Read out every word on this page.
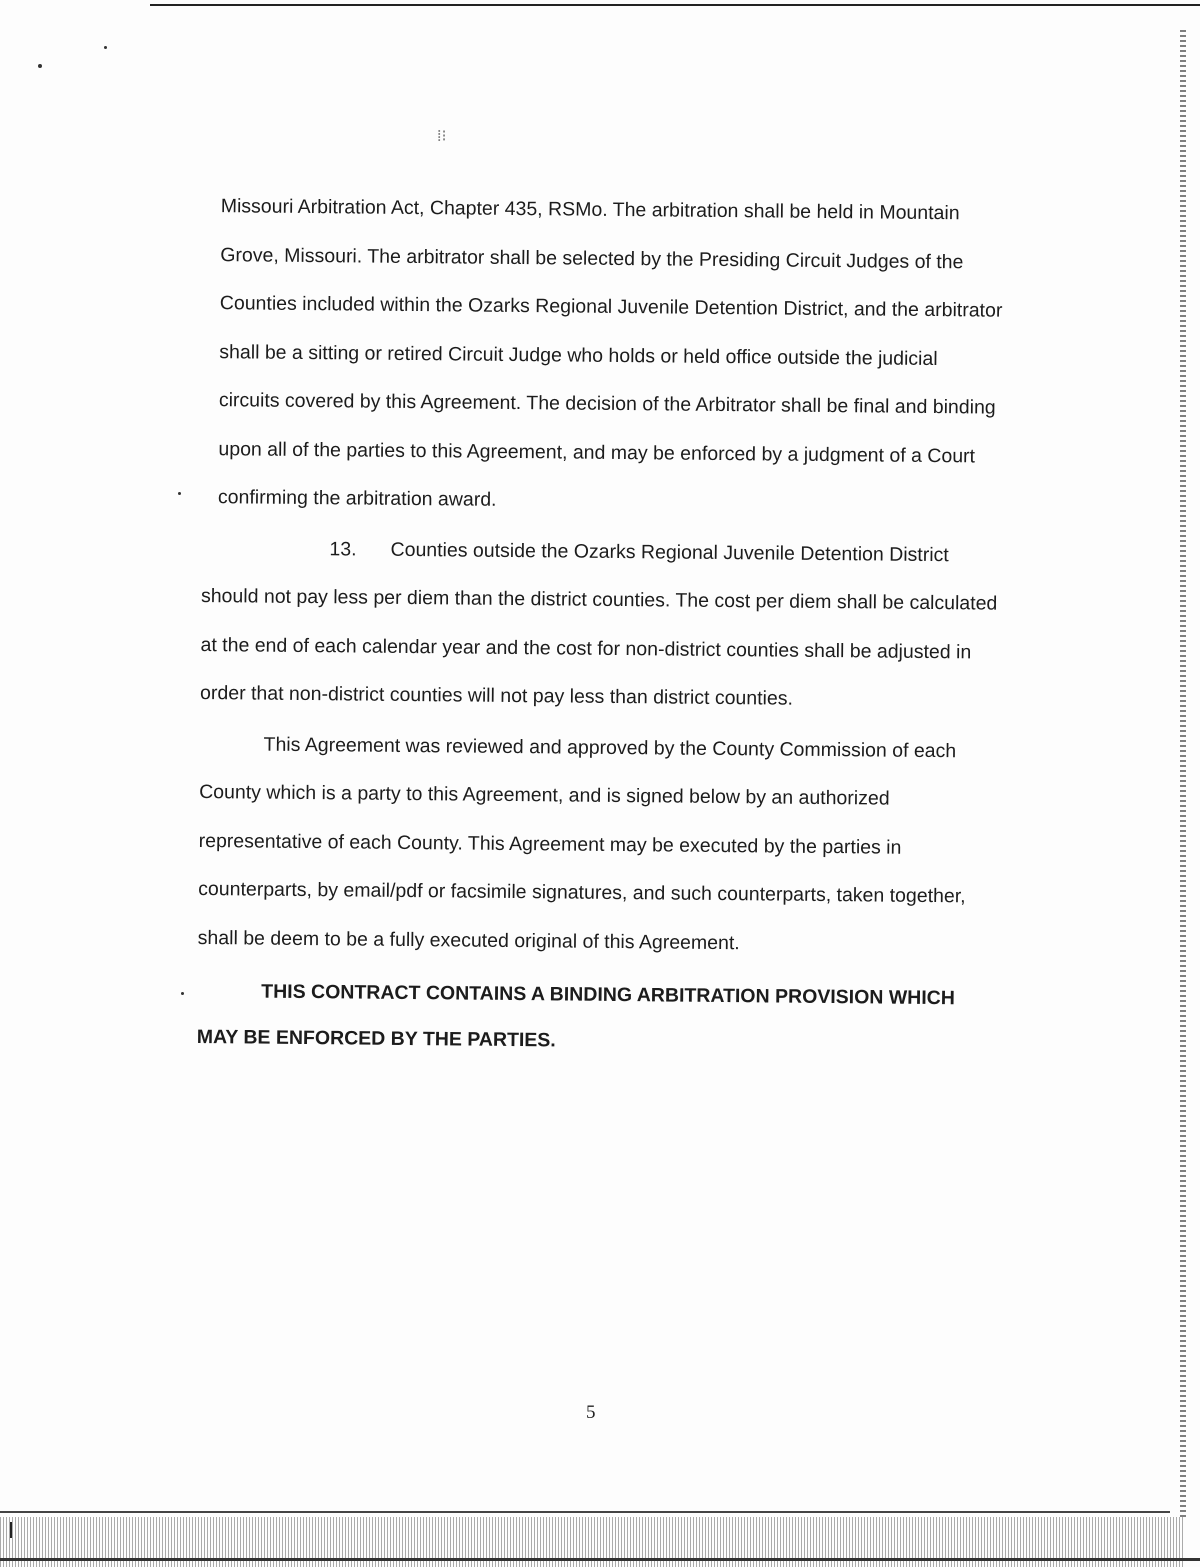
⁞⁝

Missouri Arbitration Act, Chapter 435, RSMo. The arbitration shall be held in Mountain Grove, Missouri. The arbitrator shall be selected by the Presiding Circuit Judges of the Counties included within the Ozarks Regional Juvenile Detention District, and the arbitrator shall be a sitting or retired Circuit Judge who holds or held office outside the judicial circuits covered by this Agreement. The decision of the Arbitrator shall be final and binding upon all of the parties to this Agreement, and may be enforced by a judgment of a Court confirming the arbitration award.

13. Counties outside the Ozarks Regional Juvenile Detention District should not pay less per diem than the district counties. The cost per diem shall be calculated at the end of each calendar year and the cost for non-district counties shall be adjusted in order that non-district counties will not pay less than district counties.

This Agreement was reviewed and approved by the County Commission of each County which is a party to this Agreement, and is signed below by an authorized representative of each County. This Agreement may be executed by the parties in counterparts, by email/pdf or facsimile signatures, and such counterparts, taken together, shall be deem to be a fully executed original of this Agreement.

THIS CONTRACT CONTAINS A BINDING ARBITRATION PROVISION WHICH MAY BE ENFORCED BY THE PARTIES.

5
